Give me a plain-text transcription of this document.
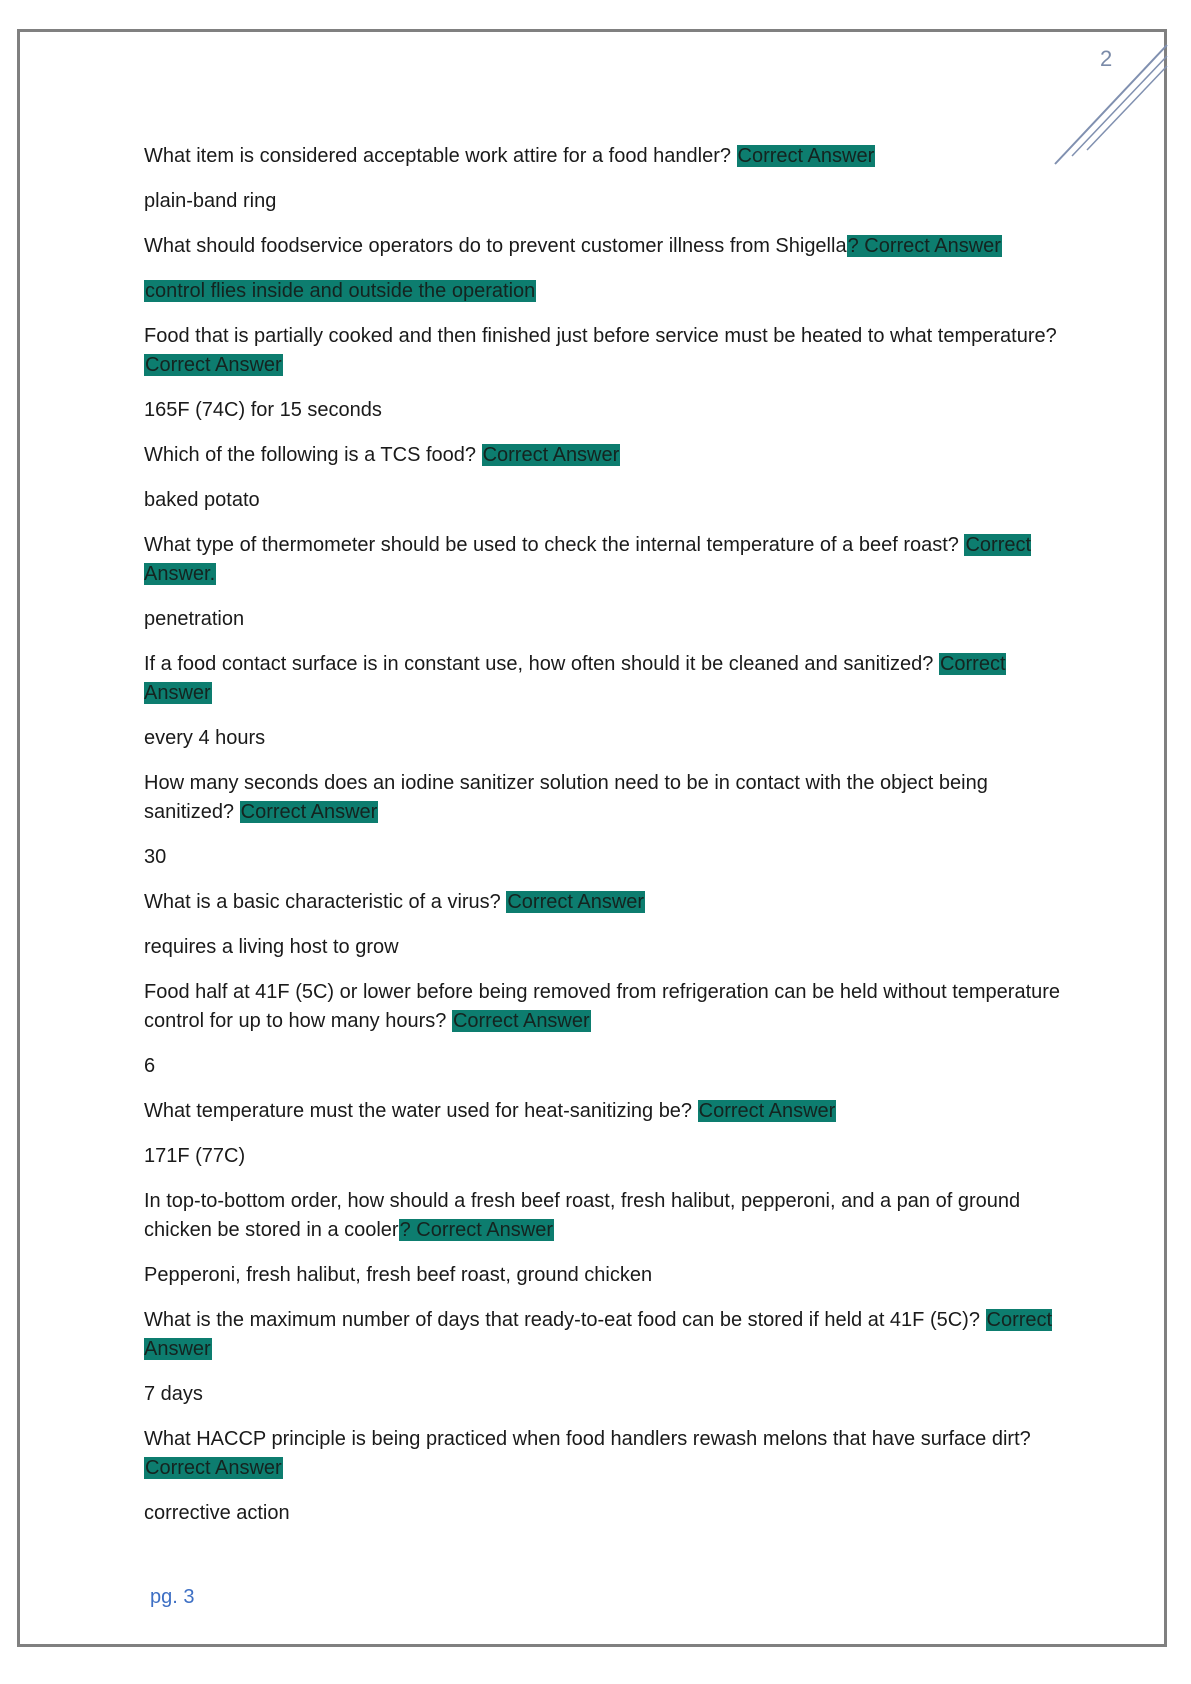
2

What item is considered acceptable work attire for a food handler? Correct Answer

plain-band ring

What should foodservice operators do to prevent customer illness from Shigella? Correct Answer

control flies inside and outside the operation

Food that is partially cooked and then finished just before service must be heated to what temperature? Correct Answer

165F (74C) for 15 seconds

Which of the following is a TCS food? Correct Answer

baked potato

What type of thermometer should be used to check the internal temperature of a beef roast? Correct Answer.

penetration

If a food contact surface is in constant use, how often should it be cleaned and sanitized? Correct Answer

every 4 hours

How many seconds does an iodine sanitizer solution need to be in contact with the object being sanitized? Correct Answer

30

What is a basic characteristic of a virus? Correct Answer

requires a living host to grow

Food half at 41F (5C) or lower before being removed from refrigeration can be held without temperature control for up to how many hours? Correct Answer

6

What temperature must the water used for heat-sanitizing be? Correct Answer

171F (77C)

In top-to-bottom order, how should a fresh beef roast, fresh halibut, pepperoni, and a pan of ground chicken be stored in a cooler? Correct Answer

Pepperoni, fresh halibut, fresh beef roast, ground chicken

What is the maximum number of days that ready-to-eat food can be stored if held at 41F (5C)? Correct Answer

7 days

What HACCP principle is being practiced when food handlers rewash melons that have surface dirt? Correct Answer

corrective action

pg. 3
